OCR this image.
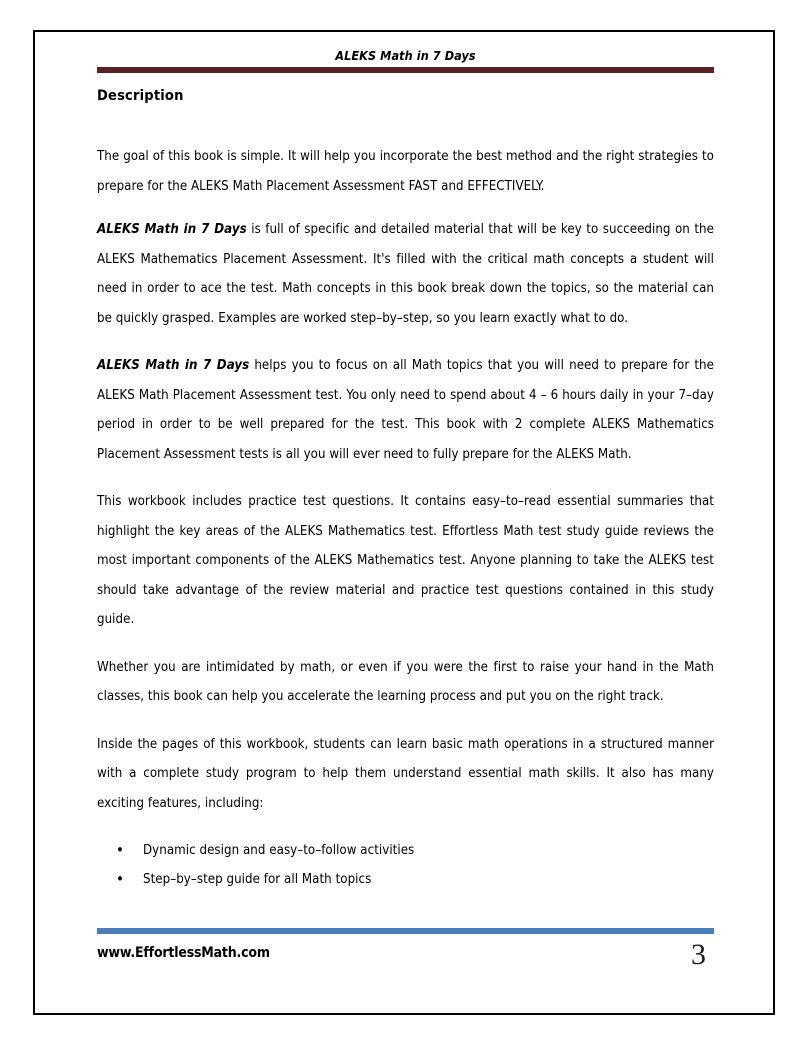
ALEKS Math in 7 Days
Description

The goal of this book is simple. It will help you incorporate the best method and the right strategies to prepare for the ALEKS Math Placement Assessment FAST and EFFECTIVELY.

ALEKS Math in 7 Days is full of specific and detailed material that will be key to succeeding on the ALEKS Mathematics Placement Assessment. It's filled with the critical math concepts a student will need in order to ace the test. Math concepts in this book break down the topics, so the material can be quickly grasped. Examples are worked step–by–step, so you learn exactly what to do.

ALEKS Math in 7 Days helps you to focus on all Math topics that you will need to prepare for the ALEKS Math Placement Assessment test. You only need to spend about 4 – 6 hours daily in your 7–day period in order to be well prepared for the test. This book with 2 complete ALEKS Mathematics Placement Assessment tests is all you will ever need to fully prepare for the ALEKS Math.

This workbook includes practice test questions. It contains easy–to–read essential summaries that highlight the key areas of the ALEKS Mathematics test. Effortless Math test study guide reviews the most important components of the ALEKS Mathematics test. Anyone planning to take the ALEKS test should take advantage of the review material and practice test questions contained in this study guide.

Whether you are intimidated by math, or even if you were the first to raise your hand in the Math classes, this book can help you accelerate the learning process and put you on the right track.

Inside the pages of this workbook, students can learn basic math operations in a structured manner with a complete study program to help them understand essential math skills. It also has many exciting features, including:

• Dynamic design and easy–to–follow activities
• Step–by–step guide for all Math topics
www.EffortlessMath.com	3
